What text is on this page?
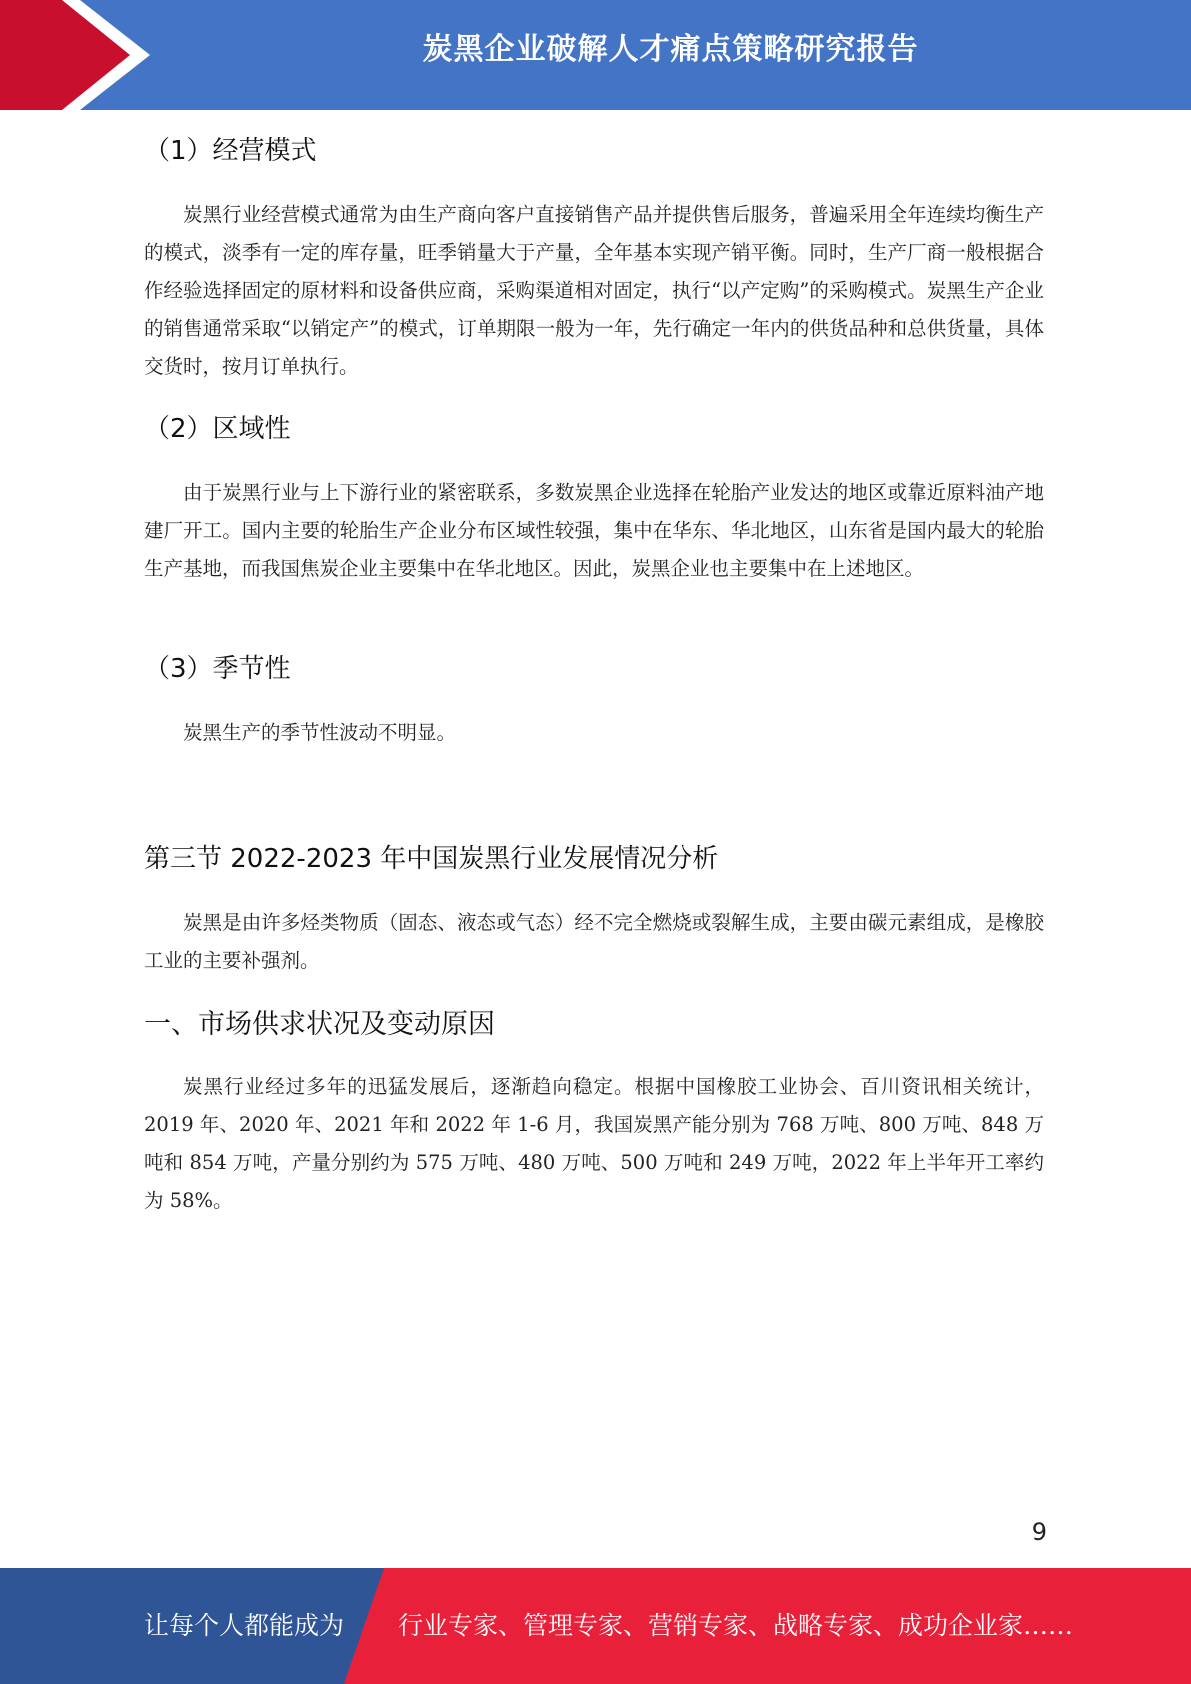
炭黑企业破解人才痛点策略研究报告
（1）经营模式

炭黑行业经营模式通常为由生产商向客户直接销售产品并提供售后服务，普遍采用全年连续均衡生产的模式，淡季有一定的库存量，旺季销量大于产量，全年基本实现产销平衡。同时，生产厂商一般根据合作经验选择固定的原材料和设备供应商，采购渠道相对固定，执行“以产定购”的采购模式。炭黑生产企业的销售通常采取“以销定产”的模式，订单期限一般为一年，先行确定一年内的供货品种和总供货量，具体交货时，按月订单执行。

（2）区域性

由于炭黑行业与上下游行业的紧密联系，多数炭黑企业选择在轮胎产业发达的地区或靠近原料油产地建厂开工。国内主要的轮胎生产企业分布区域性较强，集中在华东、华北地区，山东省是国内最大的轮胎生产基地，而我国焦炭企业主要集中在华北地区。因此，炭黑企业也主要集中在上述地区。

（3）季节性

炭黑生产的季节性波动不明显。

第三节 2022-2023 年中国炭黑行业发展情况分析

炭黑是由许多烃类物质（固态、液态或气态）经不完全燃烧或裂解生成，主要由碳元素组成，是橡胶工业的主要补强剂。

一、市场供求状况及变动原因

炭黑行业经过多年的迅猛发展后，逐渐趋向稳定。根据中国橡胶工业协会、百川资讯相关统计，2019 年、2020 年、2021 年和 2022 年 1-6 月，我国炭黑产能分别为 768 万吨、800 万吨、848 万吨和 854 万吨，产量分别约为 575 万吨、480 万吨、500 万吨和 249 万吨，2022 年上半年开工率约为 58%。

9
让每个人都能成为 行业专家、管理专家、营销专家、战略专家、成功企业家……
